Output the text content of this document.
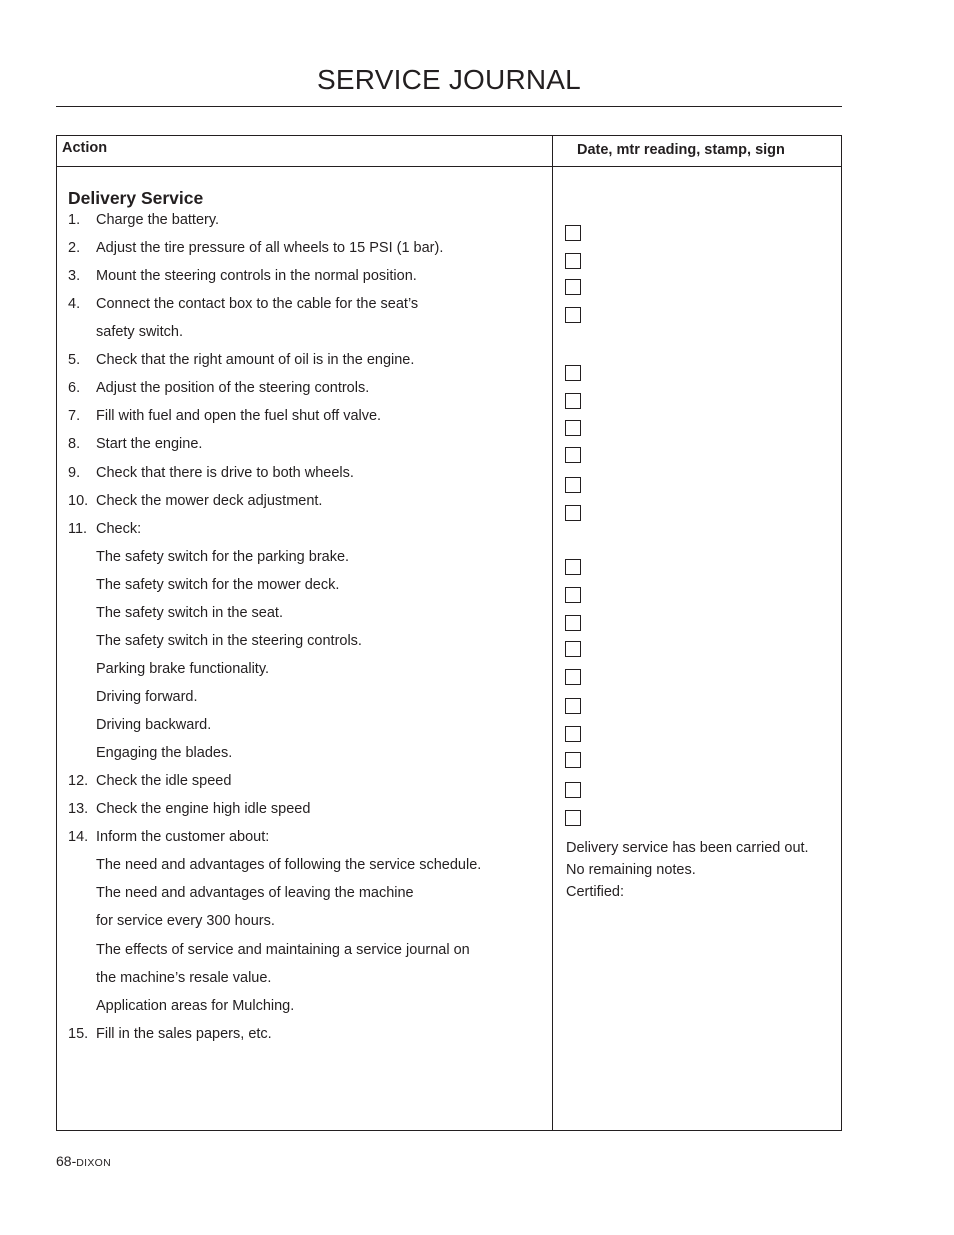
SERVICE JOURNAL
Action	Date, mtr reading, stamp, sign
Delivery Service
1. Charge the battery.
2. Adjust the tire pressure of all wheels to 15 PSI (1 bar).
3. Mount the steering controls in the normal position.
4. Connect the contact box to the cable for the seat’s
safety switch.
5. Check that the right amount of oil is in the engine.
6. Adjust the position of the steering controls.
7. Fill with fuel and open the fuel shut off valve.
8. Start the engine.
9. Check that there is drive to both wheels.
10. Check the mower deck adjustment.
11. Check:
The safety switch for the parking brake.
The safety switch for the mower deck.
The safety switch in the seat.
The safety switch in the steering controls.
Parking brake functionality.
Driving forward.
Driving backward.
Engaging the blades.
12. Check the idle speed
13. Check the engine high idle speed
14. Inform the customer about:
The need and advantages of following the service schedule.
The need and advantages of leaving the machine
for service every 300 hours.
The effects of service and maintaining a service journal on
the machine’s resale value.
Application areas for Mulching.
15. Fill in the sales papers, etc.
Delivery service has been carried out.
No remaining notes.
Certified:
68-DIXON
